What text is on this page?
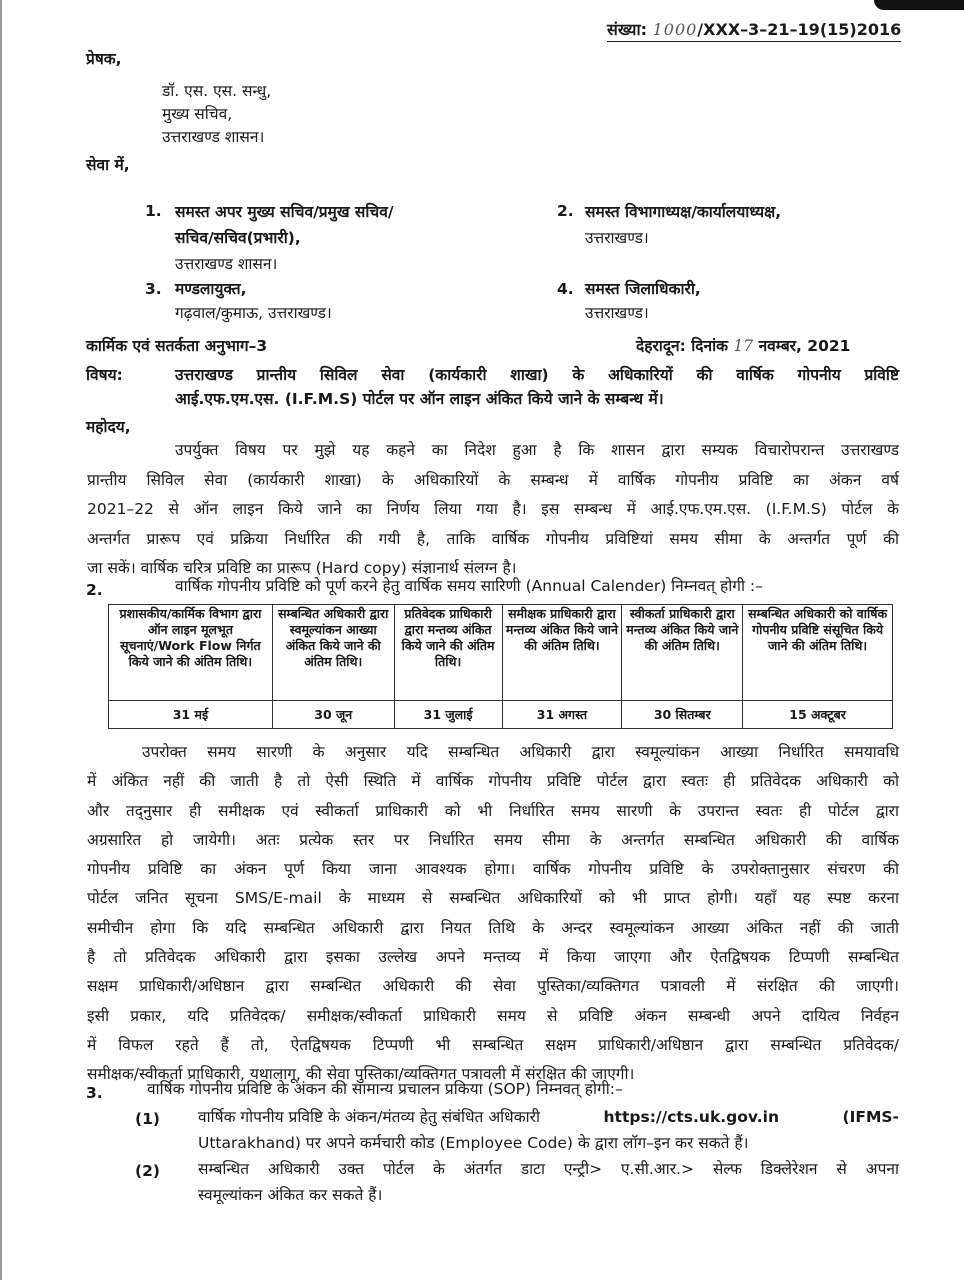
संख्या: 1000/XXX–3–21–19(15)2016
प्रेषक,
डॉ. एस. एस. सन्धु,
मुख्य सचिव,
उत्तराखण्ड शासन।
सेवा में,
1. समस्त अपर मुख्य सचिव/प्रमुख सचिव/
सचिव/सचिव(प्रभारी),
उत्तराखण्ड शासन।
2. समस्त विभागाध्यक्ष/कार्यालयाध्यक्ष,
उत्तराखण्ड।
3. मण्डलायुक्त,
गढ़वाल/कुमाऊ, उत्तराखण्ड।
4. समस्त जिलाधिकारी,
उत्तराखण्ड।
कार्मिक एवं सतर्कता अनुभाग–3	देहरादून: दिनांक 17 नवम्बर, 2021
विषय:	उत्तराखण्ड प्रान्तीय सिविल सेवा (कार्यकारी शाखा) के अधिकारियों की वार्षिक गोपनीय प्रविष्टि
आई.एफ.एम.एस. (I.F.M.S) पोर्टल पर ऑन लाइन अंकित किये जाने के सम्बन्ध में।
महोदय,
उपर्युक्त विषय पर मुझे यह कहने का निदेश हुआ है कि शासन द्वारा सम्यक विचारोपरान्त उत्तराखण्ड
प्रान्तीय सिविल सेवा (कार्यकारी शाखा) के अधिकारियों के सम्बन्ध में वार्षिक गोपनीय प्रविष्टि का अंकन वर्ष
2021–22 से ऑन लाइन किये जाने का निर्णय लिया गया है। इस सम्बन्ध में आई.एफ.एम.एस. (I.F.M.S) पोर्टल के
अन्तर्गत प्रारूप एवं प्रक्रिया निर्धारित की गयी है, ताकि वार्षिक गोपनीय प्रविष्टियां समय सीमा के अन्तर्गत पूर्ण की
जा सकें। वार्षिक चरित्र प्रविष्टि का प्रारूप (Hard copy) संज्ञानार्थ संलग्न है।
2.	वार्षिक गोपनीय प्रविष्टि को पूर्ण करने हेतु वार्षिक समय सारिणी (Annual Calender) निम्नवत् होगी :–
प्रशासकीय/कार्मिक विभाग द्वारा ऑन लाइन मूलभूत सूचनाएं/Work Flow निर्गत किये जाने की अंतिम तिथि।	सम्बन्धित अधिकारी द्वारा स्वमूल्यांकन आख्या अंकित किये जाने की अंतिम तिथि।	प्रतिवेदक प्राधिकारी द्वारा मन्तव्य अंकित किये जाने की अंतिम तिथि।	समीक्षक प्राधिकारी द्वारा मन्तव्य अंकित किये जाने की अंतिम तिथि।	स्वीकर्ता प्राधिकारी द्वारा मन्तव्य अंकित किये जाने की अंतिम तिथि।	सम्बन्धित अधिकारी को वार्षिक गोपनीय प्रविष्टि संसूचित किये जाने की अंतिम तिथि।
31 मई	30 जून	31 जुलाई	31 अगस्त	30 सितम्बर	15 अक्टूबर
उपरोक्त समय सारणी के अनुसार यदि सम्बन्धित अधिकारी द्वारा स्वमूल्यांकन आख्या निर्धारित समयावधि
में अंकित नहीं की जाती है तो ऐसी स्थिति में वार्षिक गोपनीय प्रविष्टि पोर्टल द्वारा स्वतः ही प्रतिवेदक अधिकारी को
और तद्नुसार ही समीक्षक एवं स्वीकर्ता प्राधिकारी को भी निर्धारित समय सारणी के उपरान्त स्वतः ही पोर्टल द्वारा
अग्रसारित हो जायेगी। अतः प्रत्येक स्तर पर निर्धारित समय सीमा के अन्तर्गत सम्बन्धित अधिकारी की वार्षिक
गोपनीय प्रविष्टि का अंकन पूर्ण किया जाना आवश्यक होगा। वार्षिक गोपनीय प्रविष्टि के उपरोक्तानुसार संचरण की
पोर्टल जनित सूचना SMS/E-mail के माध्यम से सम्बन्धित अधिकारियों को भी प्राप्त होगी। यहाँ यह स्पष्ट करना
समीचीन होगा कि यदि सम्बन्धित अधिकारी द्वारा नियत तिथि के अन्दर स्वमूल्यांकन आख्या अंकित नहीं की जाती
है तो प्रतिवेदक अधिकारी द्वारा इसका उल्लेख अपने मन्तव्य में किया जाएगा और ऐतद्विषयक टिप्पणी सम्बन्धित
सक्षम प्राधिकारी/अधिष्ठान द्वारा सम्बन्धित अधिकारी की सेवा पुस्तिका/व्यक्तिगत पत्रावली में संरक्षित की जाएगी।
इसी प्रकार, यदि प्रतिवेदक/ समीक्षक/स्वीकर्ता प्राधिकारी समय से प्रविष्टि अंकन सम्बन्धी अपने दायित्व निर्वहन
में विफल रहते हैं तो, ऐतद्विषयक टिप्पणी भी सम्बन्धित सक्षम प्राधिकारी/अधिष्ठान द्वारा सम्बन्धित प्रतिवेदक/
समीक्षक/स्वीकर्ता प्राधिकारी, यथालागू, की सेवा पुस्तिका/व्यक्तिगत पत्रावली में संरक्षित की जाएगी।
3.	वार्षिक गोपनीय प्रविष्टि के अंकन की सामान्य प्रचालन प्रकिया (SOP) निम्नवत् होगी:–
(1) वार्षिक गोपनीय प्रविष्टि के अंकन/मंतव्य हेतु संबंधित अधिकारी	https://cts.uk.gov.in	(IFMS-
Uttarakhand) पर अपने कर्मचारी कोड (Employee Code) के द्वारा लॉग–इन कर सकते हैं।
(2) सम्बन्धित अधिकारी उक्त पोर्टल के अंतर्गत डाटा एन्ट्री> ए.सी.आर.> सेल्फ डिक्लेरेशन से अपना
स्वमूल्यांकन अंकित कर सकते हैं।
